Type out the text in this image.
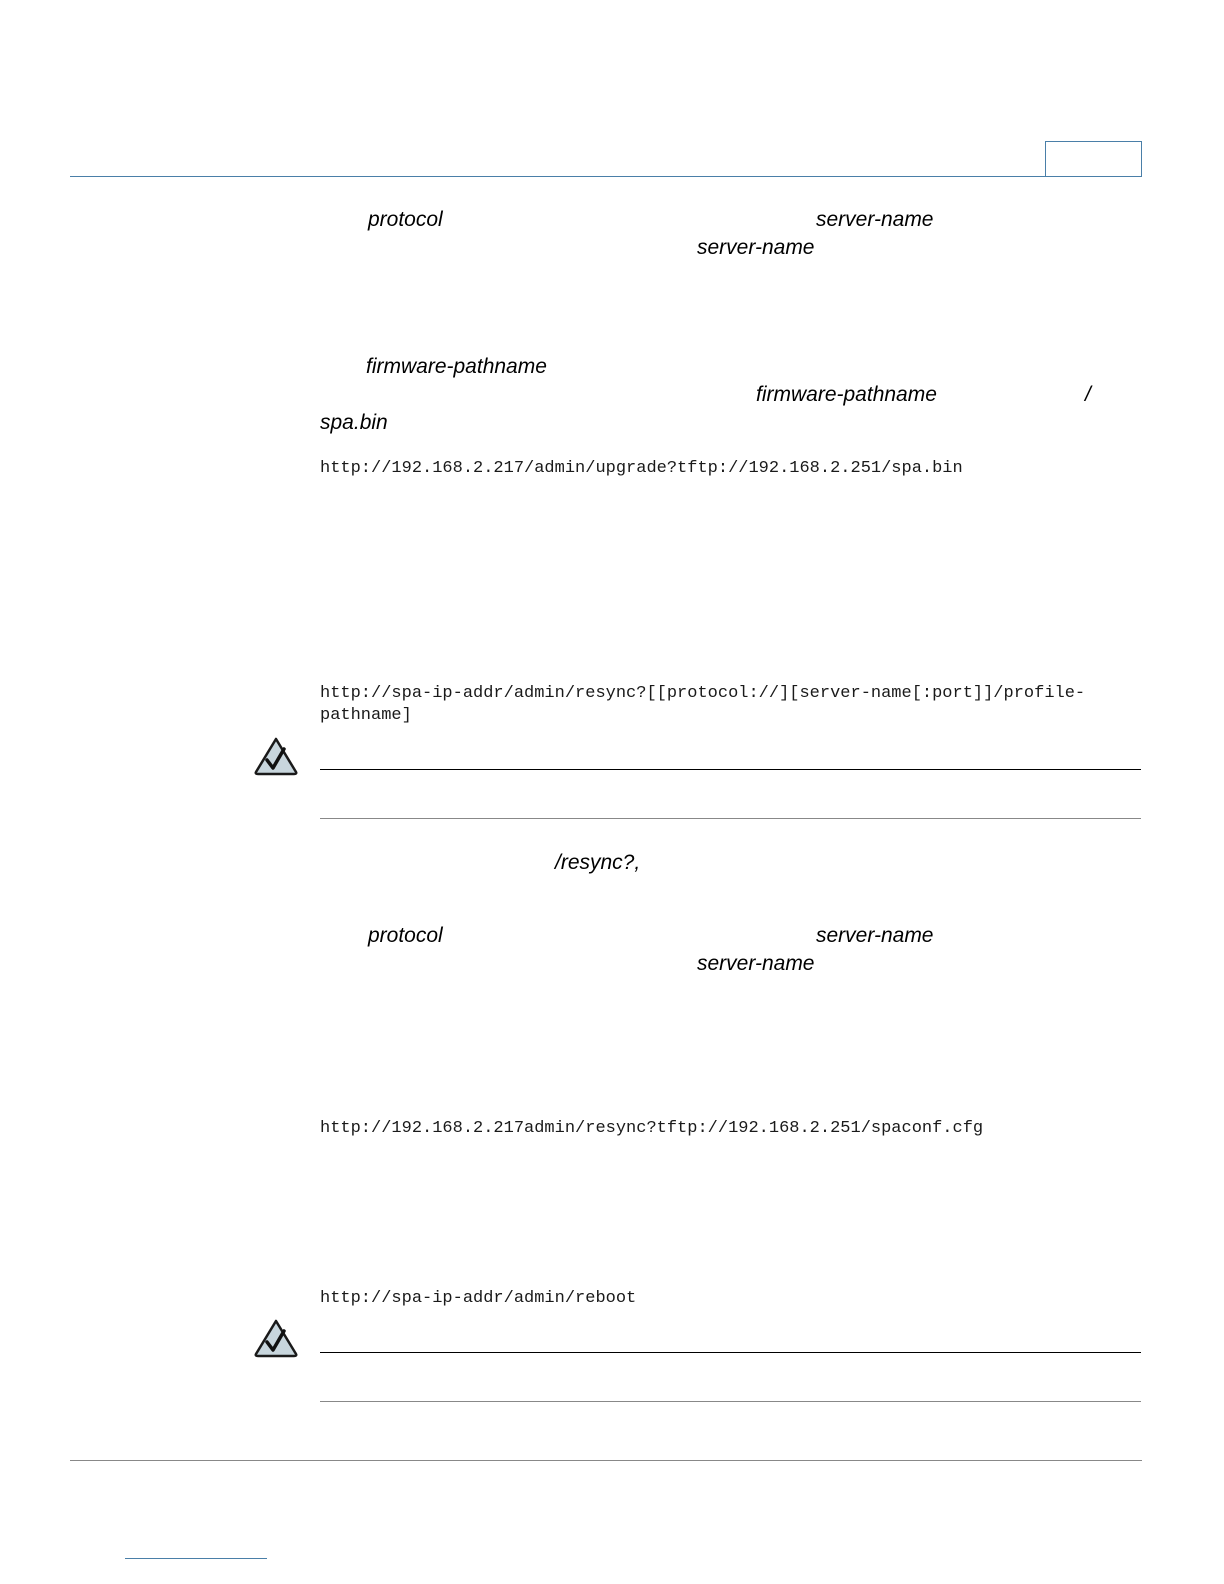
protocol	server-name
server-name
firmware-pathname
firmware-pathname	/
spa.bin
http://192.168.2.217/admin/upgrade?tftp://192.168.2.251/spa.bin
http://spa-ip-addr/admin/resync?[[protocol://][server-name[:port]]/profile-
pathname]
/resync?,
protocol	server-name
server-name
http://192.168.2.217admin/resync?tftp://192.168.2.251/spaconf.cfg
http://spa-ip-addr/admin/reboot
